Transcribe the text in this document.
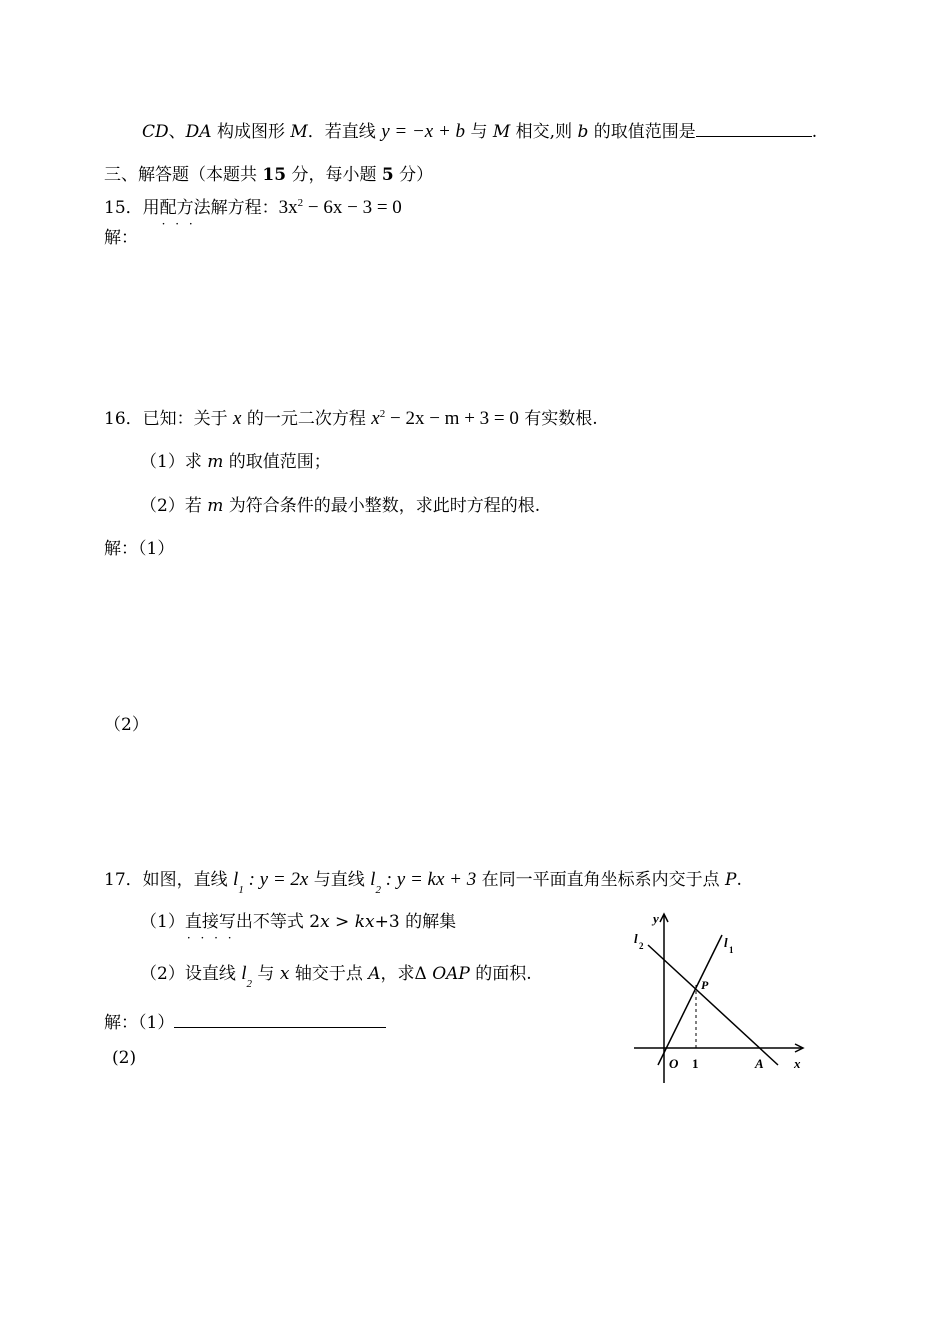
CD、DA 构成图形 M．若直线 y = −x + b 与 M 相交,则 b 的取值范围是	.
三、解答题（本题共 15 分，每小题 5 分）
15．用配方法 · · ·解方程：$3x^2 - 6x - 3 = 0$
解：
16．已知：关于 x 的一元二次方程 $x^2 - 2x - m + 3 = 0$ 有实数根.
（1）求 m 的取值范围；
（2）若 m 为符合条件的最小整数，求此时方程的根.
解：（1）
（2）
17．如图，直线 $l_1$ : y = 2x 与直线 $l_2$ : y = kx + 3 在同一平面直角坐标系内交于点 P.
（1）直接写出 · · · ·不等式 2x > kx+3 的解集
（2）设直线 $l_2$ 与 x 轴交于点 A，求Δ OAP 的面积.
解：（1）
(2)
y
x
O 1	A
P
l 2	l 1
